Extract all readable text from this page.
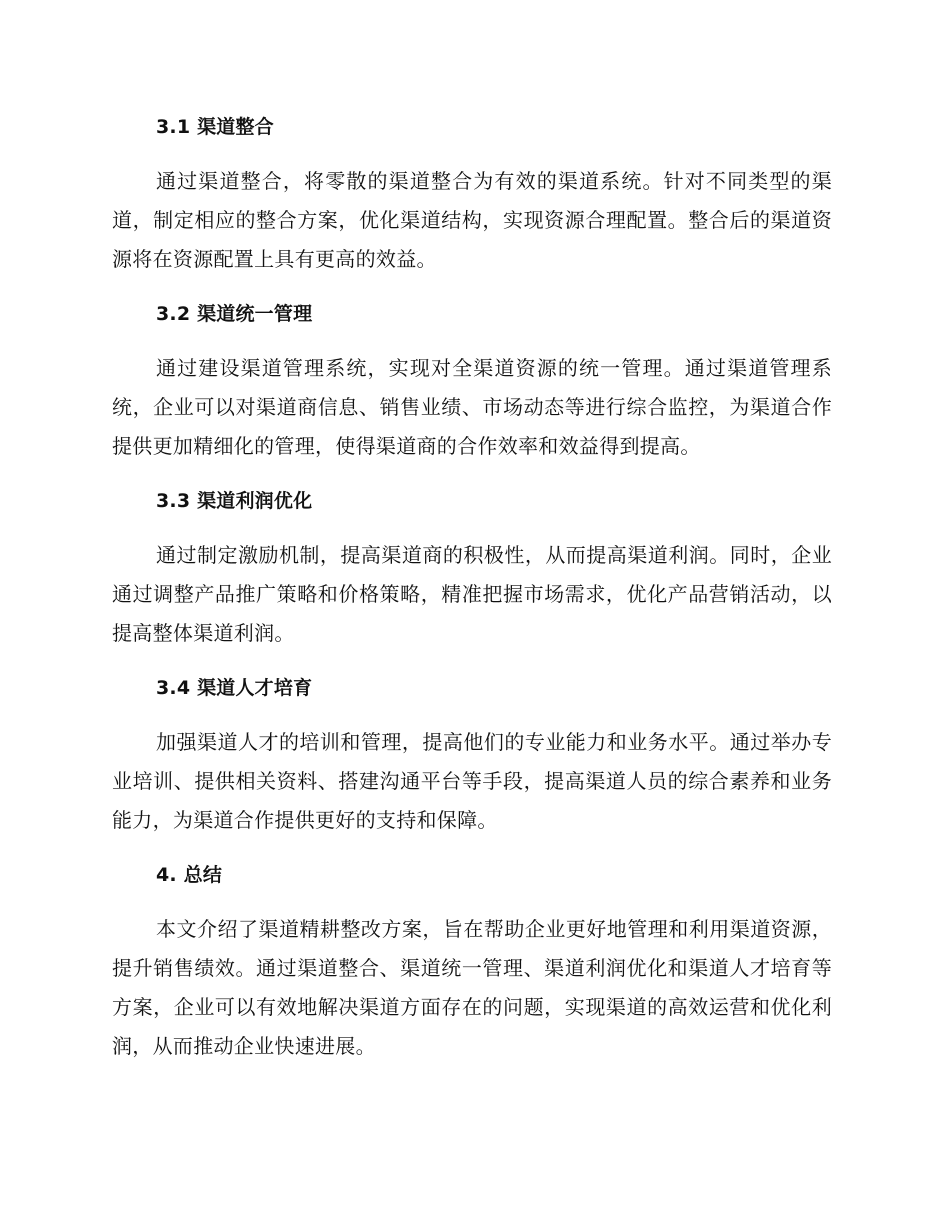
3.1 渠道整合

通过渠道整合，将零散的渠道整合为有效的渠道系统。针对不同类型的渠道，制定相应的整合方案，优化渠道结构，实现资源合理配置。整合后的渠道资源将在资源配置上具有更高的效益。

3.2 渠道统一管理

通过建设渠道管理系统，实现对全渠道资源的统一管理。通过渠道管理系统，企业可以对渠道商信息、销售业绩、市场动态等进行综合监控，为渠道合作提供更加精细化的管理，使得渠道商的合作效率和效益得到提高。

3.3 渠道利润优化

通过制定激励机制，提高渠道商的积极性，从而提高渠道利润。同时，企业通过调整产品推广策略和价格策略，精准把握市场需求，优化产品营销活动，以提高整体渠道利润。

3.4 渠道人才培育

加强渠道人才的培训和管理，提高他们的专业能力和业务水平。通过举办专业培训、提供相关资料、搭建沟通平台等手段，提高渠道人员的综合素养和业务能力，为渠道合作提供更好的支持和保障。

4. 总结

本文介绍了渠道精耕整改方案，旨在帮助企业更好地管理和利用渠道资源，提升销售绩效。通过渠道整合、渠道统一管理、渠道利润优化和渠道人才培育等方案，企业可以有效地解决渠道方面存在的问题，实现渠道的高效运营和优化利润，从而推动企业快速进展。
